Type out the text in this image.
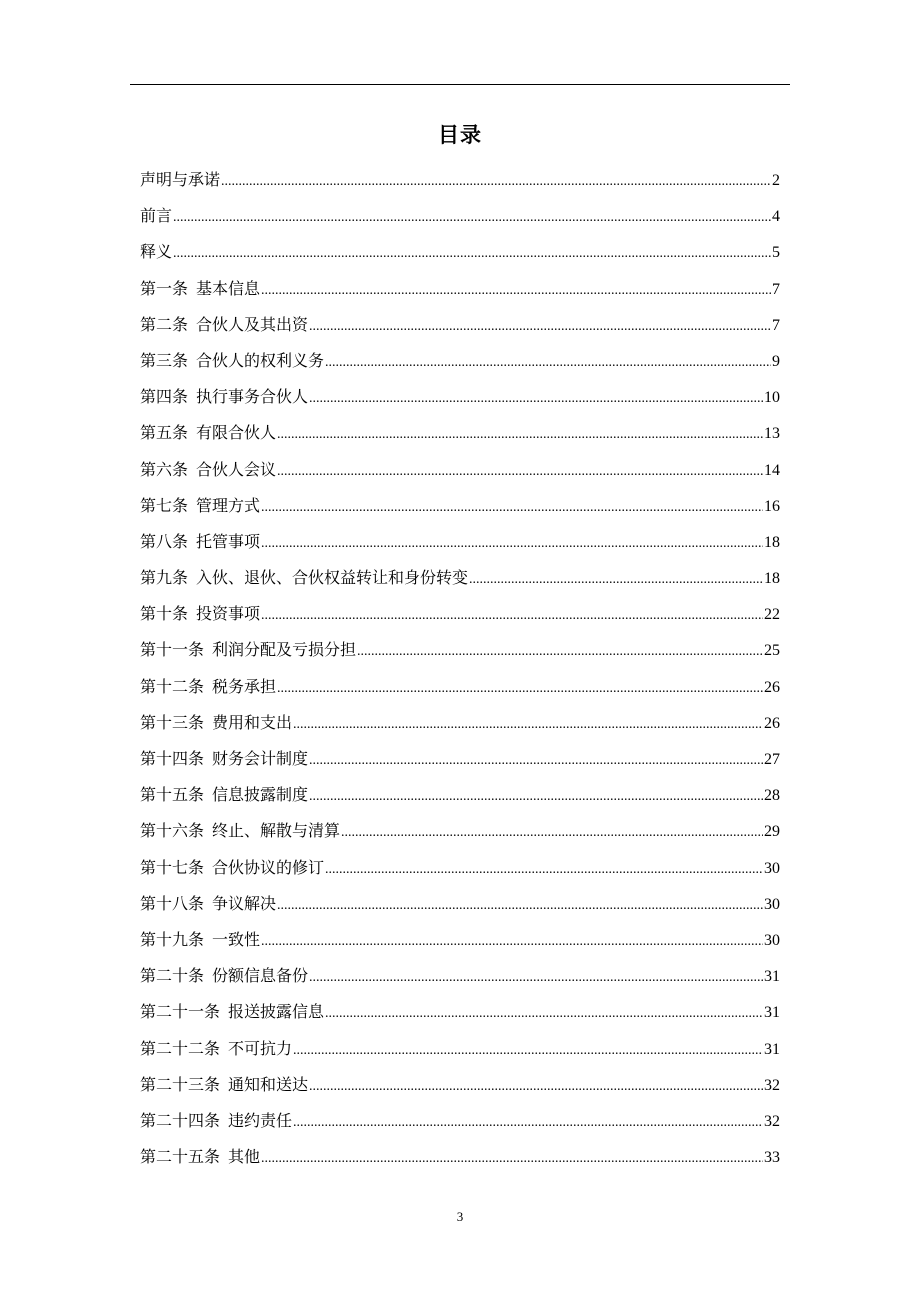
目录
声明与承诺 .....	2
前言 .....	4
释义 .....	5
第一条 基本信息 .....	7
第二条 合伙人及其出资 .....	7
第三条 合伙人的权利义务 .....	9
第四条 执行事务合伙人 .....	10
第五条 有限合伙人 .....	13
第六条 合伙人会议 .....	14
第七条 管理方式 .....	16
第八条 托管事项 .....	18
第九条 入伙、退伙、合伙权益转让和身份转变 .....	18
第十条 投资事项 .....	22
第十一条 利润分配及亏损分担 .....	25
第十二条 税务承担 .....	26
第十三条 费用和支出 .....	26
第十四条 财务会计制度 .....	27
第十五条 信息披露制度 .....	28
第十六条 终止、解散与清算 .....	29
第十七条 合伙协议的修订 .....	30
第十八条 争议解决 .....	30
第十九条 一致性 .....	30
第二十条 份额信息备份 .....	31
第二十一条 报送披露信息 .....	31
第二十二条 不可抗力 .....	31
第二十三条 通知和送达 .....	32
第二十四条 违约责任 .....	32
第二十五条 其他 .....	33
3
